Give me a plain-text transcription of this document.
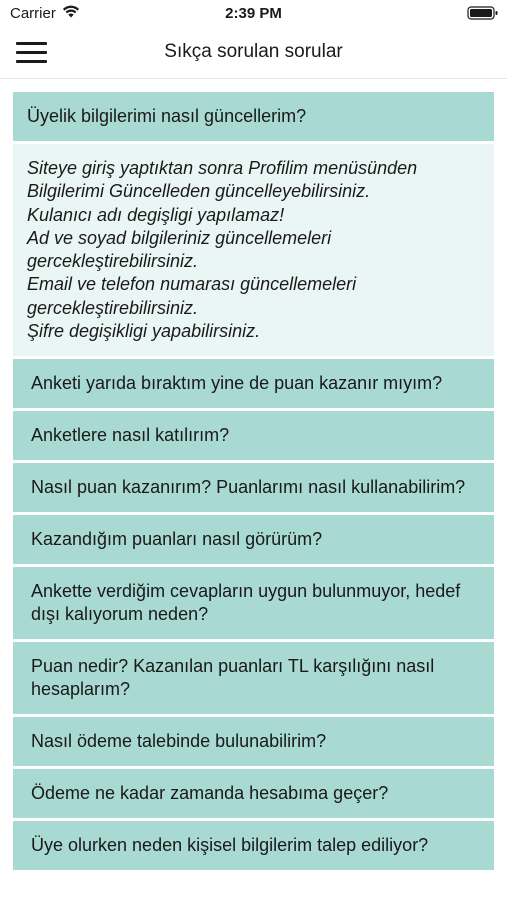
Carrier	2:39 PM
Sıkça sorulan sorular
Üyelik bilgilerimi nasıl güncellerim?
Siteye giriş yaptıktan sonra Profilim menüsünden
Bilgilerimi Güncelleden güncelleyebilirsiniz.
Kulanıcı adı degişligi yapılamaz!
Ad ve soyad bilgileriniz güncellemeleri
gercekleştirebilirsiniz.
Email ve telefon numarası güncellemeleri
gercekleştirebilirsiniz.
Şifre degişikligi yapabilirsiniz.
Anketi yarıda bıraktım yine de puan kazanır mıyım?
Anketlere nasıl katılırım?
Nasıl puan kazanırım? Puanlarımı nasıl kullanabilirim?
Kazandığım puanları nasıl görürüm?
Ankette verdiğim cevapların uygun bulunmuyor, hedef dışı kalıyorum neden?
Puan nedir? Kazanılan puanları TL karşılığını nasıl hesaplarım?
Nasıl ödeme talebinde bulunabilirim?
Ödeme ne kadar zamanda hesabıma geçer?
Üye olurken neden kişisel bilgilerim talep ediliyor?
